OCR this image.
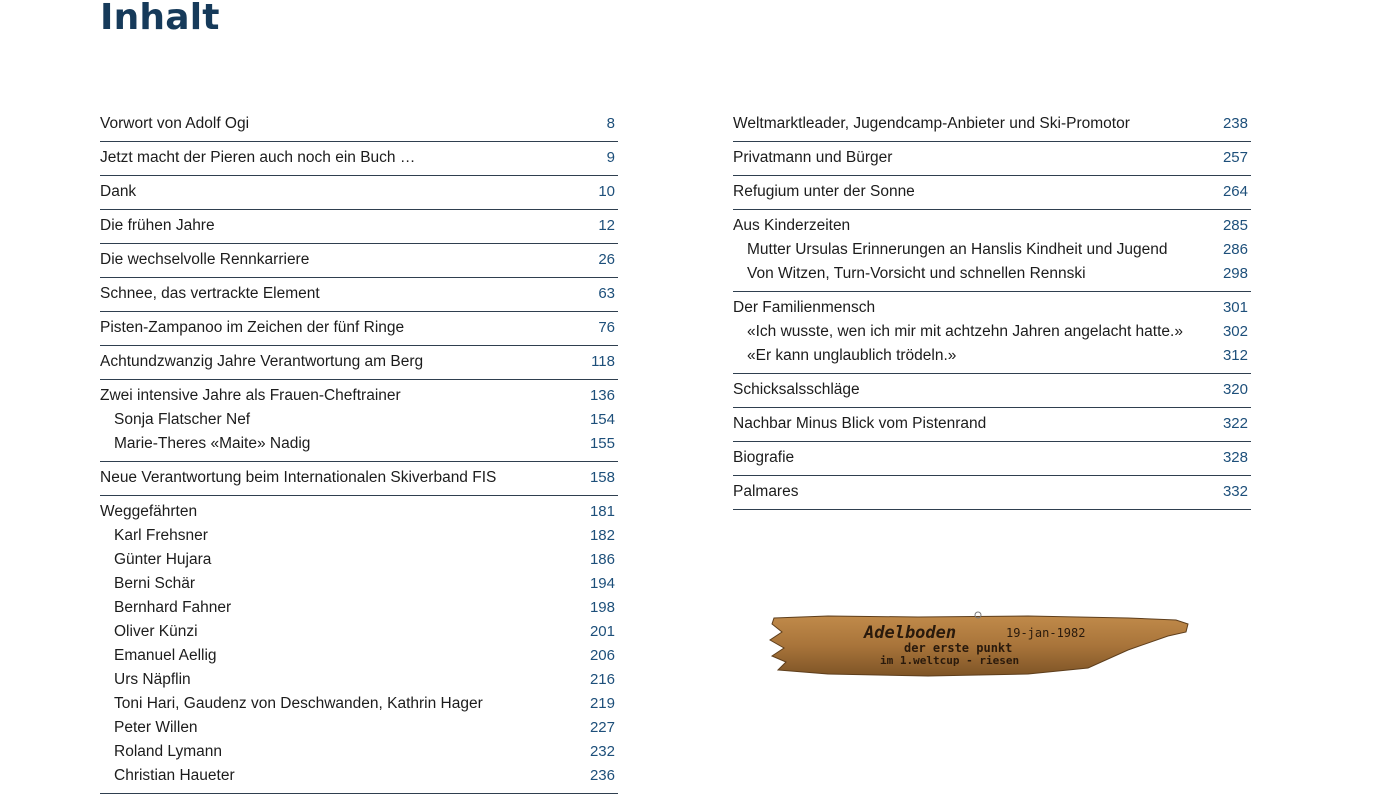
Inhalt
Vorwort von Adolf Ogi	8
Jetzt macht der Pieren auch noch ein Buch …	9
Dank	10
Die frühen Jahre	12
Die wechselvolle Rennkarriere	26
Schnee, das vertrackte Element	63
Pisten-Zampanoo im Zeichen der fünf Ringe	76
Achtundzwanzig Jahre Verantwortung am Berg	118
Zwei intensive Jahre als Frauen-Cheftrainer	136
Sonja Flatscher Nef	154
Marie-Theres «Maite» Nadig	155
Neue Verantwortung beim Internationalen Skiverband FIS	158
Weggefährten	181
Karl Frehsner	182
Günter Hujara	186
Berni Schär	194
Bernhard Fahner	198
Oliver Künzi	201
Emanuel Aellig	206
Urs Näpflin	216
Toni Hari, Gaudenz von Deschwanden, Kathrin Hager	219
Peter Willen	227
Roland Lymann	232
Christian Haueter	236
Weltmarktleader, Jugendcamp-Anbieter und Ski-Promotor	238
Privatmann und Bürger	257
Refugium unter der Sonne	264
Aus Kinderzeiten	285
Mutter Ursulas Erinnerungen an Hanslis Kindheit und Jugend	286
Von Witzen, Turn-Vorsicht und schnellen Rennski	298
Der Familienmensch	301
«Ich wusste, wen ich mir mit achtzehn Jahren angelacht hatte.»	302
«Er kann unglaublich trödeln.»	312
Schicksalsschläge	320
Nachbar Minus Blick vom Pistenrand	322
Biografie	328
Palmares	332
Adelboden	19-jan-1982
der erste punkt
im 1.weltcup - riesen
